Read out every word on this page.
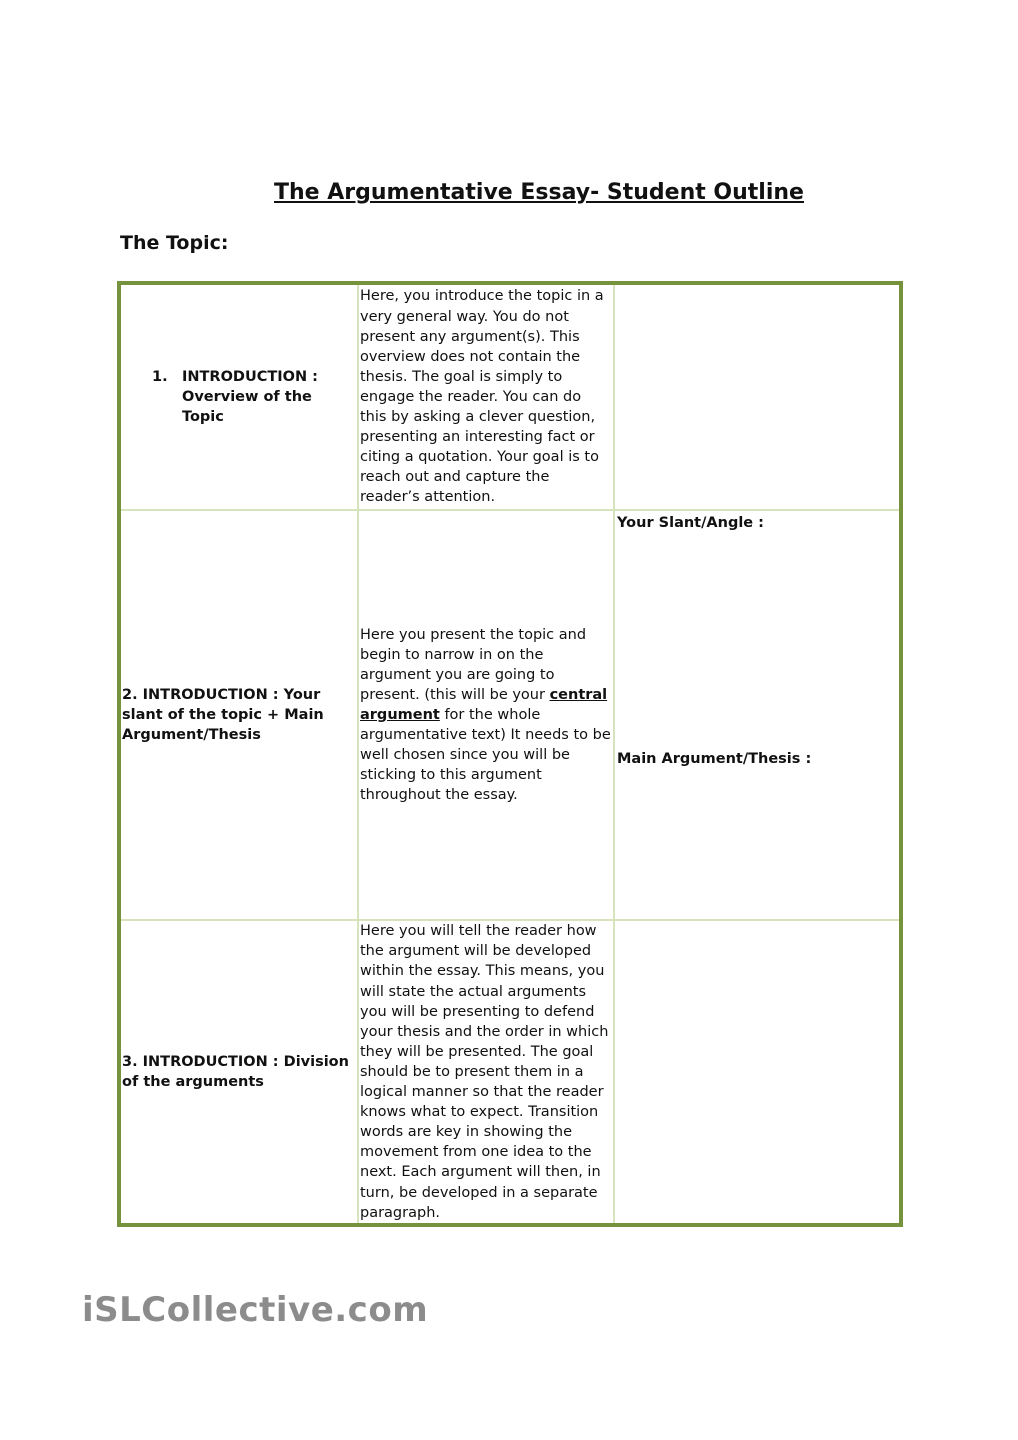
The Argumentative Essay- Student Outline
The Topic:
1. INTRODUCTION : Overview of the Topic	Here, you introduce the topic in a very general way. You do not present any argument(s). This overview does not contain the thesis. The goal is simply to engage the reader. You can do this by asking a clever question, presenting an interesting fact or citing a quotation. Your goal is to reach out and capture the reader’s attention.	
2. INTRODUCTION : Your slant of the topic + Main Argument/Thesis	Here you present the topic and begin to narrow in on the argument you are going to present. (this will be your central argument for the whole argumentative text) It needs to be well chosen since you will be sticking to this argument throughout the essay.	Your Slant/Angle :
Main Argument/Thesis :

3. INTRODUCTION : Division of the arguments	Here you will tell the reader how the argument will be developed within the essay. This means, you will state the actual arguments you will be presenting to defend your thesis and the order in which they will be presented. The goal should be to present them in a logical manner so that the reader knows what to expect. Transition words are key in showing the movement from one idea to the next. Each argument will then, in turn, be developed in a separate paragraph.	
iSLCollective.com
